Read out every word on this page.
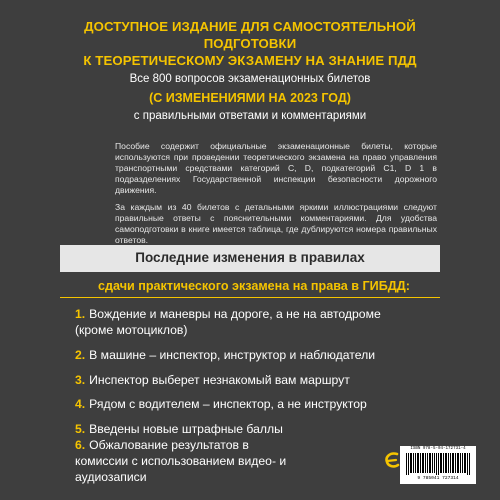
ДОСТУПНОЕ ИЗДАНИЕ ДЛЯ САМОСТОЯТЕЛЬНОЙ ПОДГОТОВКИ
К ТЕОРЕТИЧЕСКОМУ ЭКЗАМЕНУ НА ЗНАНИЕ ПДД
Все 800 вопросов экзаменационных билетов
(С ИЗМЕНЕНИЯМИ НА 2023 ГОД)
с правильными ответами и комментариями

Пособие содержит официальные экзаменационные билеты, которые используются при проведении теоретического экзамена на право управления транспортными средствами категорий C, D, подкатегорий C1, D 1 в подразделениях Государственной инспекции безопасности дорожного движения.

За каждым из 40 билетов с детальными яркими иллюстрациями следуют правильные ответы с пояснительными комментариями. Для удобства самоподготовки в книге имеется таблица, где дублируются номера правильных ответов.

Последние изменения в правилах
сдачи практического экзамена на права в ГИБДД:
1. Вождение и маневры на дороге, а не на автодроме (кроме мотоциклов)
2. В машине – инспектор, инструктор и наблюдатели
3. Инспектор выберет незнакомый вам маршрут
4. Рядом с водителем – инспектор, а не инструктор
5. Введены новые штрафные баллы
6. Обжалование результатов в комиссии с использованием видео- и аудиозаписи
ISBN 978-5-04-172731-4
9 785041 727314
